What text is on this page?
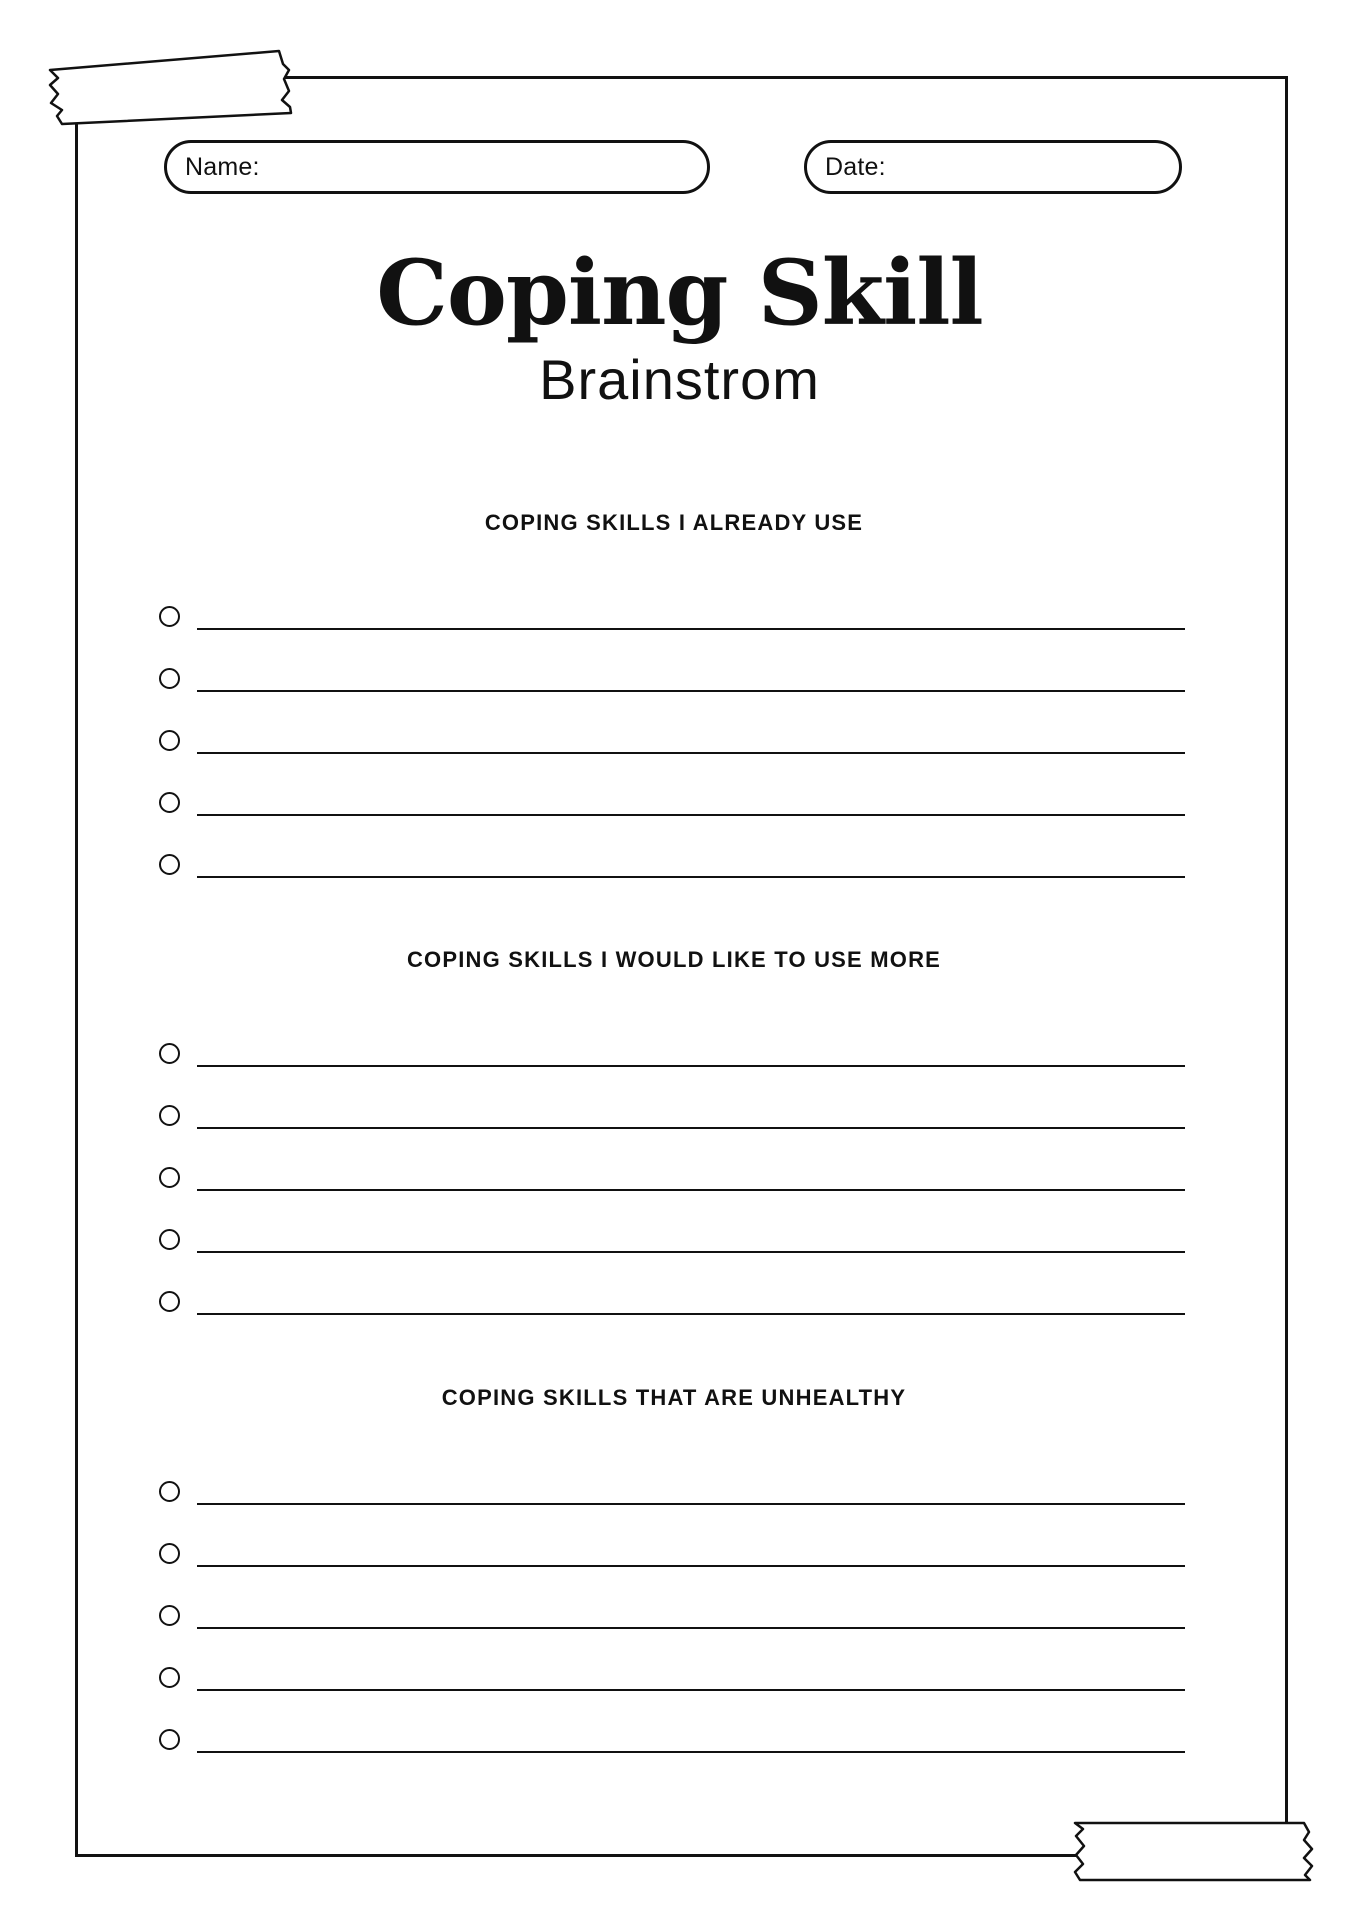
Name:	Date:
Coping Skill
Brainstrom
COPING SKILLS I ALREADY USE
COPING SKILLS I WOULD LIKE TO USE MORE
COPING SKILLS THAT ARE UNHEALTHY
